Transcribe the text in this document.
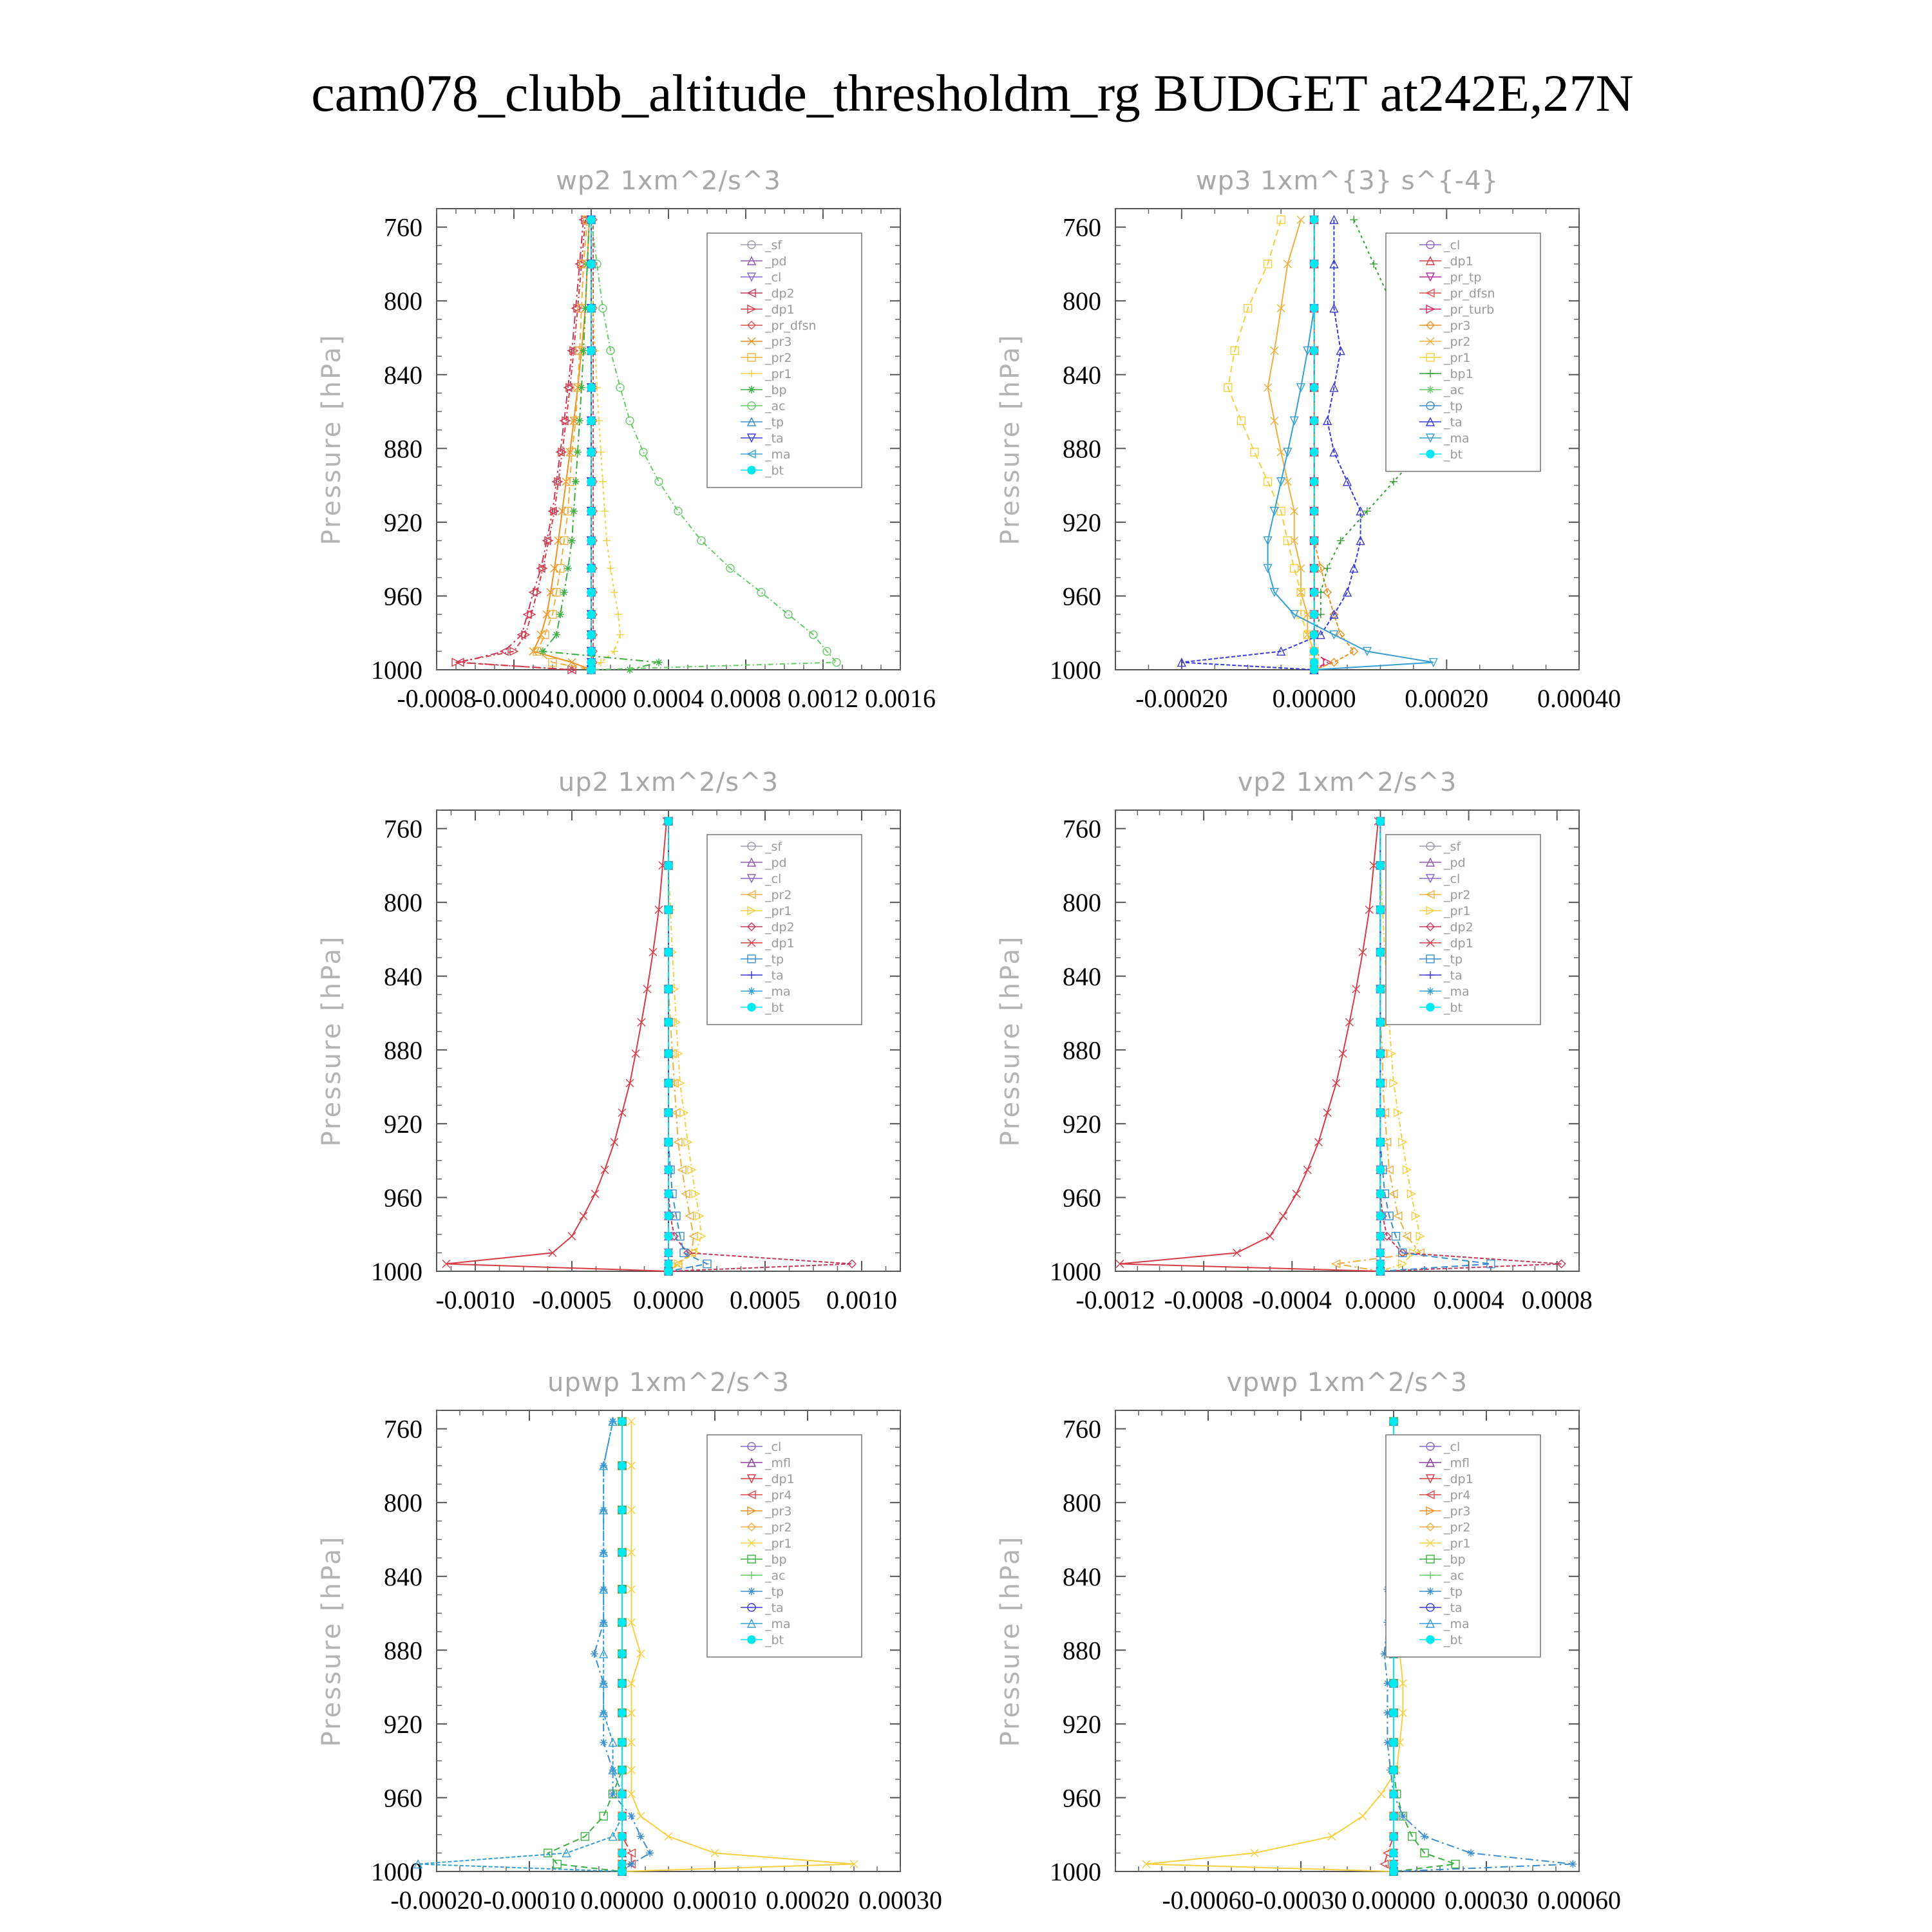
cam078_clubb_altitude_thresholdm_rg BUDGET at242E,27N
wp2 1xm^2/s^3
Pressure [hPa]
760
800
840
880
920
960
1000
-0.0008
-0.0004 0.0000 0.0004 0.0008 0.0012 0.0016
_sf
_pd
_cl
_dp2
_dp1
_pr_dfsn
_pr3
_pr2
_pr1
_bp
_ac
_tp
_ta
_ma
_bt
wp3 1xm^{3} s^{-4}
Pressure [hPa]
760
800
840
880
920
960
1000
-0.00020 0.00000 0.00020 0.00040
_cl
_dp1
_pr_tp
_pr_dfsn
_pr_turb
_pr3
_pr2
_pr1
_bp1
_ac
_tp
_ta
_ma
_bt
up2 1xm^2/s^3
Pressure [hPa]
760
800
840
880
920
960
1000
-0.0010 -0.0005 0.0000 0.0005 0.0010
_sf
_pd
_cl
_pr2
_pr1
_dp2
_dp1
_tp
_ta
_ma
_bt
vp2 1xm^2/s^3
Pressure [hPa]
760
800
840
880
920
960
1000
-0.0012 -0.0008 -0.0004 0.0000 0.0004 0.0008
_sf
_pd
_cl
_pr2
_pr1
_dp2
_dp1
_tp
_ta
_ma
_bt
upwp 1xm^2/s^3
Pressure [hPa]
760
800
840
880
920
960
1000
-0.00020 -0.00010 0.00000 0.00010 0.00020 0.00030
_cl
_mfl
_dp1
_pr4
_pr3
_pr2
_pr1
_bp
_ac
_tp
_ta
_ma
_bt
vpwp 1xm^2/s^3
Pressure [hPa]
760
800
840
880
920
960
1000
-0.00060 -0.00030 0.00000 0.00030 0.00060
_cl
_mfl
_dp1
_pr4
_pr3
_pr2
_pr1
_bp
_ac
_tp
_ta
_ma
_bt
